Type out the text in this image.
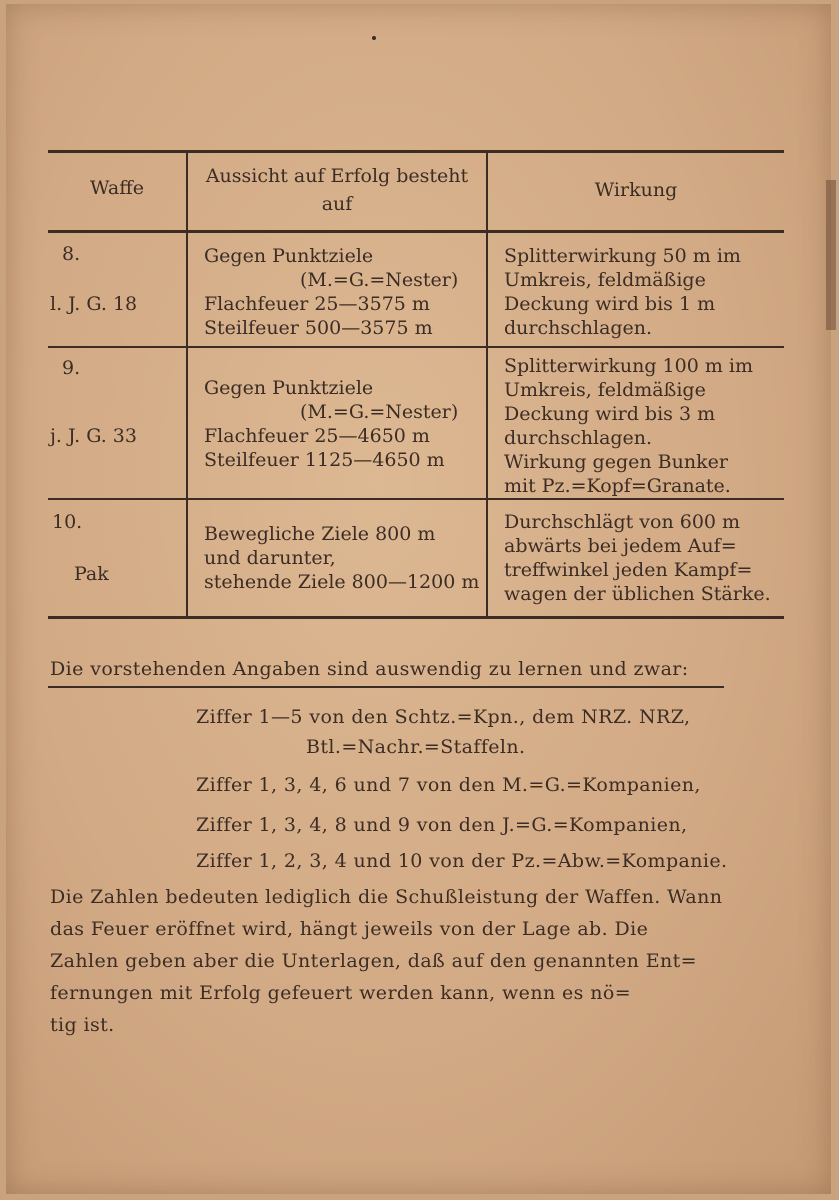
Waffe
Aussicht auf Erfolg besteht
auf
Wirkung
8.
l. J. G. 18
Gegen Punktziele
(M.=G.=Nester)
Flachfeuer 25—3575 m
Steilfeuer 500—3575 m
Splitterwirkung 50 m im
Umkreis, feldmäßige
Deckung wird bis 1 m
durchschlagen.
9.
j. J. G. 33
Gegen Punktziele
(M.=G.=Nester)
Flachfeuer 25—4650 m
Steilfeuer 1125—4650 m
Splitterwirkung 100 m im
Umkreis, feldmäßige
Deckung wird bis 3 m
durchschlagen.
Wirkung gegen Bunker
mit Pz.=Kopf=Granate.
10.
Pak
Bewegliche Ziele 800 m
und darunter,
stehende Ziele 800—1200 m
Durchschlägt von 600 m
abwärts bei jedem Auf=
treffwinkel jeden Kampf=
wagen der üblichen Stärke.
Die vorstehenden Angaben sind auswendig zu lernen und zwar:
Ziffer 1—5 von den Schtz.=Kpn., dem NRZ. NRZ,
Btl.=Nachr.=Staffeln.
Ziffer 1, 3, 4, 6 und 7 von den M.=G.=Kompanien,
Ziffer 1, 3, 4, 8 und 9 von den J.=G.=Kompanien,
Ziffer 1, 2, 3, 4 und 10 von der Pz.=Abw.=Kompanie.
Die Zahlen bedeuten lediglich die Schußleistung der Waffen. Wann
das Feuer eröffnet wird, hängt jeweils von der Lage ab. Die
Zahlen geben aber die Unterlagen, daß auf den genannten Ent=
fernungen mit Erfolg gefeuert werden kann, wenn es nö=
tig ist.
